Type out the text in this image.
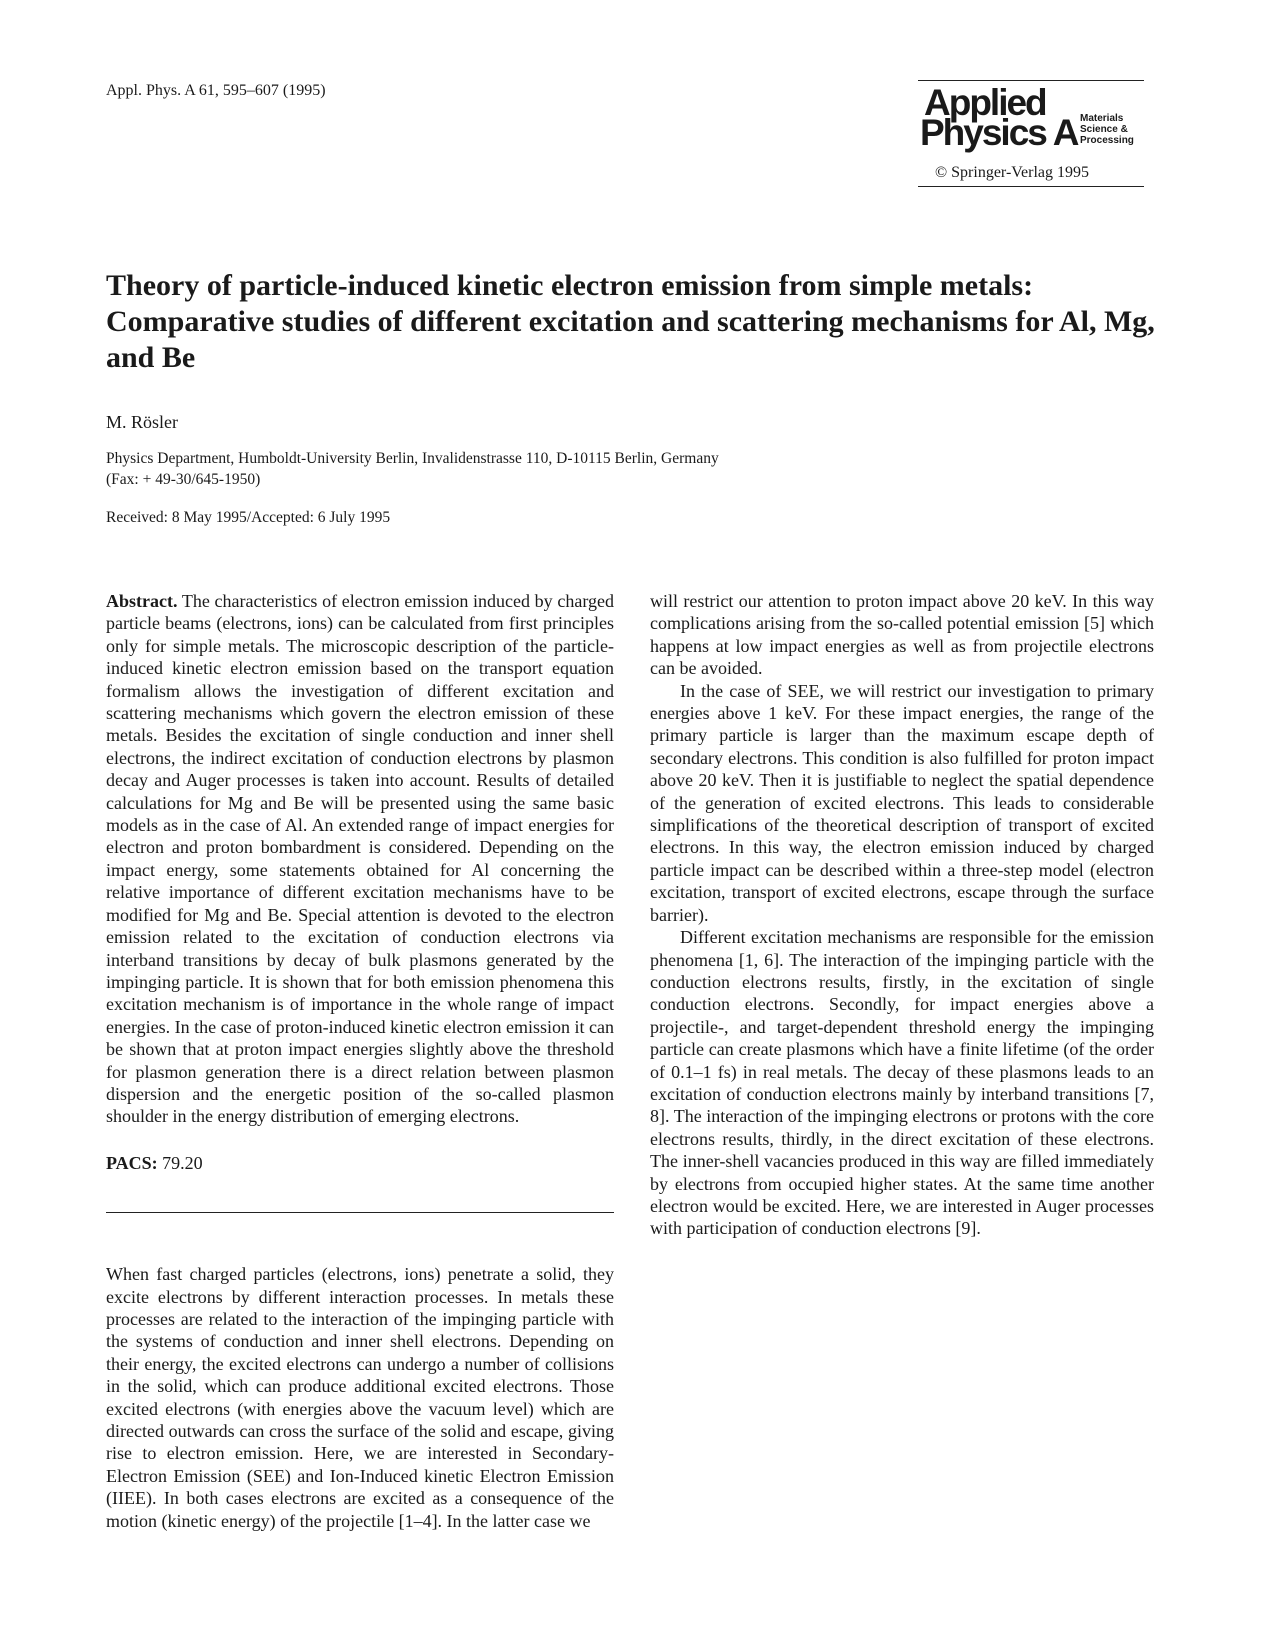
Appl. Phys. A 61, 595–607 (1995)	Applied
Physics A Materials
Science &
Processing
© Springer-Verlag 1995
Theory of particle-induced kinetic electron emission from simple metals: Comparative studies of different excitation and scattering mechanisms for Al, Mg, and Be
M. Rösler
Physics Department, Humboldt-University Berlin, Invalidenstrasse 110, D-10115 Berlin, Germany
(Fax: + 49-30/645-1950)
Received: 8 May 1995/Accepted: 6 July 1995

Abstract. The characteristics of electron emission induced by charged particle beams (electrons, ions) can be calculated from first principles only for simple metals. The microscopic description of the particle-induced kinetic electron emission based on the transport equation formalism allows the investigation of different excitation and scattering mechanisms which govern the electron emission of these metals. Besides the excitation of single conduction and inner shell electrons, the indirect excitation of conduction electrons by plasmon decay and Auger processes is taken into account. Results of detailed calculations for Mg and Be will be presented using the same basic models as in the case of Al. An extended range of impact energies for electron and proton bombardment is considered. Depending on the impact energy, some statements obtained for Al concerning the relative importance of different excitation mechanisms have to be modified for Mg and Be. Special attention is devoted to the electron emission related to the excitation of conduction electrons via interband transitions by decay of bulk plasmons generated by the impinging particle. It is shown that for both emission phenomena this excitation mechanism is of importance in the whole range of impact energies. In the case of proton-induced kinetic electron emission it can be shown that at proton impact energies slightly above the threshold for plasmon generation there is a direct relation between plasmon dispersion and the energetic position of the so-called plasmon shoulder in the energy distribution of emerging electrons.

PACS: 79.20

When fast charged particles (electrons, ions) penetrate a solid, they excite electrons by different interaction processes. In metals these processes are related to the interaction of the impinging particle with the systems of conduction and inner shell electrons. Depending on their energy, the excited electrons can undergo a number of collisions in the solid, which can produce additional excited electrons. Those excited electrons (with energies above the vacuum level) which are directed outwards can cross the surface of the solid and escape, giving rise to electron emission. Here, we are interested in Secondary-Electron Emission (SEE) and Ion-Induced kinetic Electron Emission (IIEE). In both cases electrons are excited as a consequence of the motion (kinetic energy) of the projectile [1–4]. In the latter case we

will restrict our attention to proton impact above 20 keV. In this way complications arising from the so-called potential emission [5] which happens at low impact energies as well as from projectile electrons can be avoided.

In the case of SEE, we will restrict our investigation to primary energies above 1 keV. For these impact energies, the range of the primary particle is larger than the maximum escape depth of secondary electrons. This condition is also fulfilled for proton impact above 20 keV. Then it is justifiable to neglect the spatial dependence of the generation of excited electrons. This leads to considerable simplifications of the theoretical description of transport of excited electrons. In this way, the electron emission induced by charged particle impact can be described within a three-step model (electron excitation, transport of excited electrons, escape through the surface barrier).

Different excitation mechanisms are responsible for the emission phenomena [1, 6]. The interaction of the impinging particle with the conduction electrons results, firstly, in the excitation of single conduction electrons. Secondly, for impact energies above a projectile-, and target-dependent threshold energy the impinging particle can create plasmons which have a finite lifetime (of the order of 0.1–1 fs) in real metals. The decay of these plasmons leads to an excitation of conduction electrons mainly by interband transitions [7, 8]. The interaction of the impinging electrons or protons with the core electrons results, thirdly, in the direct excitation of these electrons. The inner-shell vacancies produced in this way are filled immediately by electrons from occupied higher states. At the same time another electron would be excited. Here, we are interested in Auger processes with participation of conduction electrons [9].
